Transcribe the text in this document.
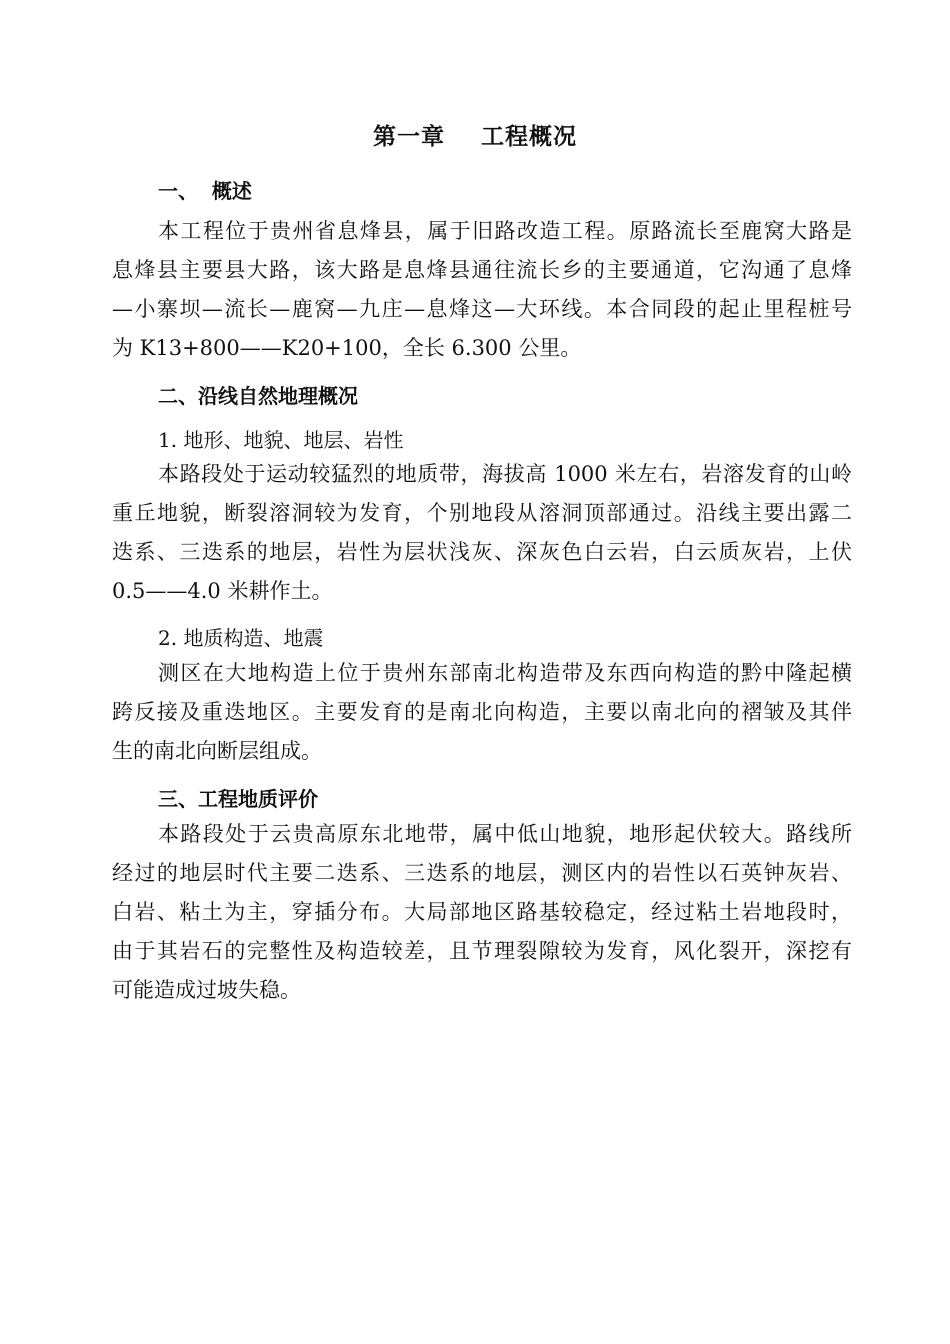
第一章    工程概况
一、  概述
本工程位于贵州省息烽县，属于旧路改造工程。原路流长至鹿窝大路是
息烽县主要县大路，该大路是息烽县通往流长乡的主要通道，它沟通了息烽
—小寨坝—流长—鹿窝—九庄—息烽这—大环线。本合同段的起止里程桩号
为 K13+800——K20+100，全长 6.300 公里。
二、沿线自然地理概况
1. 地形、地貌、地层、岩性
本路段处于运动较猛烈的地质带，海拔高 1000 米左右，岩溶发育的山岭
重丘地貌，断裂溶洞较为发育，个别地段从溶洞顶部通过。沿线主要出露二
迭系、三迭系的地层，岩性为层状浅灰、深灰色白云岩，白云质灰岩，上伏
0.5——4.0 米耕作土。
2. 地质构造、地震
测区在大地构造上位于贵州东部南北构造带及东西向构造的黔中隆起横
跨反接及重迭地区。主要发育的是南北向构造，主要以南北向的褶皱及其伴
生的南北向断层组成。
三、工程地质评价
本路段处于云贵高原东北地带，属中低山地貌，地形起伏较大。路线所
经过的地层时代主要二迭系、三迭系的地层，测区内的岩性以石英钟灰岩、
白岩、粘土为主，穿插分布。大局部地区路基较稳定，经过粘土岩地段时，
由于其岩石的完整性及构造较差，且节理裂隙较为发育，风化裂开，深挖有
可能造成过坡失稳。
